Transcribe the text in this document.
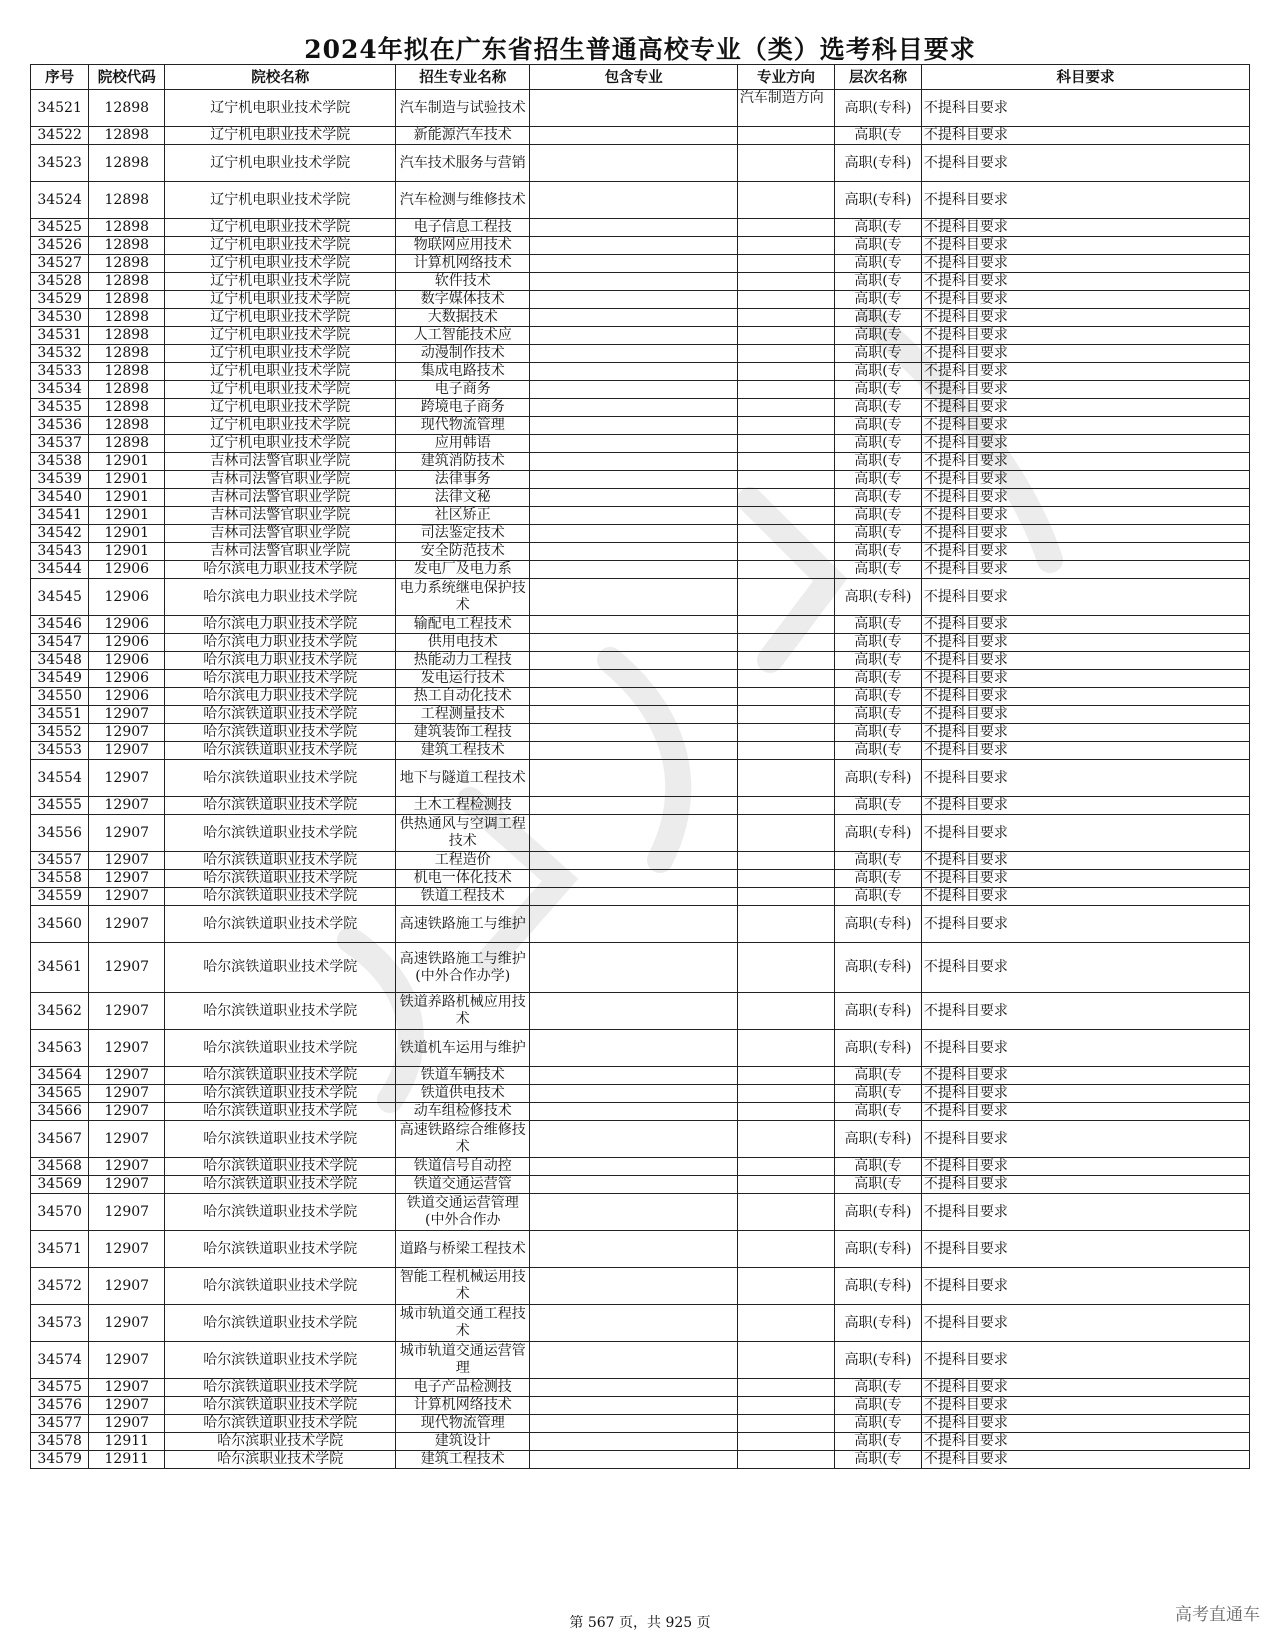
2024年拟在广东省招生普通高校专业（类）选考科目要求
序号	院校代码	院校名称	招生专业名称	包含专业	专业方向	层次名称	科目要求
34521	12898	辽宁机电职业技术学院	汽车制造与试验技术		汽车制造方向	高职(专科)	不提科目要求
34522	12898	辽宁机电职业技术学院	新能源汽车技术			高职(专	不提科目要求
34523	12898	辽宁机电职业技术学院	汽车技术服务与营销			高职(专科)	不提科目要求
34524	12898	辽宁机电职业技术学院	汽车检测与维修技术			高职(专科)	不提科目要求
34525	12898	辽宁机电职业技术学院	电子信息工程技			高职(专	不提科目要求
34526	12898	辽宁机电职业技术学院	物联网应用技术			高职(专	不提科目要求
34527	12898	辽宁机电职业技术学院	计算机网络技术			高职(专	不提科目要求
34528	12898	辽宁机电职业技术学院	软件技术			高职(专	不提科目要求
34529	12898	辽宁机电职业技术学院	数字媒体技术			高职(专	不提科目要求
34530	12898	辽宁机电职业技术学院	大数据技术			高职(专	不提科目要求
34531	12898	辽宁机电职业技术学院	人工智能技术应			高职(专	不提科目要求
34532	12898	辽宁机电职业技术学院	动漫制作技术			高职(专	不提科目要求
34533	12898	辽宁机电职业技术学院	集成电路技术			高职(专	不提科目要求
34534	12898	辽宁机电职业技术学院	电子商务			高职(专	不提科目要求
34535	12898	辽宁机电职业技术学院	跨境电子商务			高职(专	不提科目要求
34536	12898	辽宁机电职业技术学院	现代物流管理			高职(专	不提科目要求
34537	12898	辽宁机电职业技术学院	应用韩语			高职(专	不提科目要求
34538	12901	吉林司法警官职业学院	建筑消防技术			高职(专	不提科目要求
34539	12901	吉林司法警官职业学院	法律事务			高职(专	不提科目要求
34540	12901	吉林司法警官职业学院	法律文秘			高职(专	不提科目要求
34541	12901	吉林司法警官职业学院	社区矫正			高职(专	不提科目要求
34542	12901	吉林司法警官职业学院	司法鉴定技术			高职(专	不提科目要求
34543	12901	吉林司法警官职业学院	安全防范技术			高职(专	不提科目要求
34544	12906	哈尔滨电力职业技术学院	发电厂及电力系			高职(专	不提科目要求
34545	12906	哈尔滨电力职业技术学院	电力系统继电保护技术			高职(专科)	不提科目要求
34546	12906	哈尔滨电力职业技术学院	输配电工程技术			高职(专	不提科目要求
34547	12906	哈尔滨电力职业技术学院	供用电技术			高职(专	不提科目要求
34548	12906	哈尔滨电力职业技术学院	热能动力工程技			高职(专	不提科目要求
34549	12906	哈尔滨电力职业技术学院	发电运行技术			高职(专	不提科目要求
34550	12906	哈尔滨电力职业技术学院	热工自动化技术			高职(专	不提科目要求
34551	12907	哈尔滨铁道职业技术学院	工程测量技术			高职(专	不提科目要求
34552	12907	哈尔滨铁道职业技术学院	建筑装饰工程技			高职(专	不提科目要求
34553	12907	哈尔滨铁道职业技术学院	建筑工程技术			高职(专	不提科目要求
34554	12907	哈尔滨铁道职业技术学院	地下与隧道工程技术			高职(专科)	不提科目要求
34555	12907	哈尔滨铁道职业技术学院	土木工程检测技			高职(专	不提科目要求
34556	12907	哈尔滨铁道职业技术学院	供热通风与空调工程技术			高职(专科)	不提科目要求
34557	12907	哈尔滨铁道职业技术学院	工程造价			高职(专	不提科目要求
34558	12907	哈尔滨铁道职业技术学院	机电一体化技术			高职(专	不提科目要求
34559	12907	哈尔滨铁道职业技术学院	铁道工程技术			高职(专	不提科目要求
34560	12907	哈尔滨铁道职业技术学院	高速铁路施工与维护			高职(专科)	不提科目要求
34561	12907	哈尔滨铁道职业技术学院	高速铁路施工与维护(中外合作办学)			高职(专科)	不提科目要求
34562	12907	哈尔滨铁道职业技术学院	铁道养路机械应用技术			高职(专科)	不提科目要求
34563	12907	哈尔滨铁道职业技术学院	铁道机车运用与维护			高职(专科)	不提科目要求
34564	12907	哈尔滨铁道职业技术学院	铁道车辆技术			高职(专	不提科目要求
34565	12907	哈尔滨铁道职业技术学院	铁道供电技术			高职(专	不提科目要求
34566	12907	哈尔滨铁道职业技术学院	动车组检修技术			高职(专	不提科目要求
34567	12907	哈尔滨铁道职业技术学院	高速铁路综合维修技术			高职(专科)	不提科目要求
34568	12907	哈尔滨铁道职业技术学院	铁道信号自动控			高职(专	不提科目要求
34569	12907	哈尔滨铁道职业技术学院	铁道交通运营管			高职(专	不提科目要求
34570	12907	哈尔滨铁道职业技术学院	铁道交通运营管理(中外合作办			高职(专科)	不提科目要求
34571	12907	哈尔滨铁道职业技术学院	道路与桥梁工程技术			高职(专科)	不提科目要求
34572	12907	哈尔滨铁道职业技术学院	智能工程机械运用技术			高职(专科)	不提科目要求
34573	12907	哈尔滨铁道职业技术学院	城市轨道交通工程技术			高职(专科)	不提科目要求
34574	12907	哈尔滨铁道职业技术学院	城市轨道交通运营管理			高职(专科)	不提科目要求
34575	12907	哈尔滨铁道职业技术学院	电子产品检测技			高职(专	不提科目要求
34576	12907	哈尔滨铁道职业技术学院	计算机网络技术			高职(专	不提科目要求
34577	12907	哈尔滨铁道职业技术学院	现代物流管理			高职(专	不提科目要求
34578	12911	哈尔滨职业技术学院	建筑设计			高职(专	不提科目要求
34579	12911	哈尔滨职业技术学院	建筑工程技术			高职(专	不提科目要求
第 567 页，共 925 页	高考直通车
